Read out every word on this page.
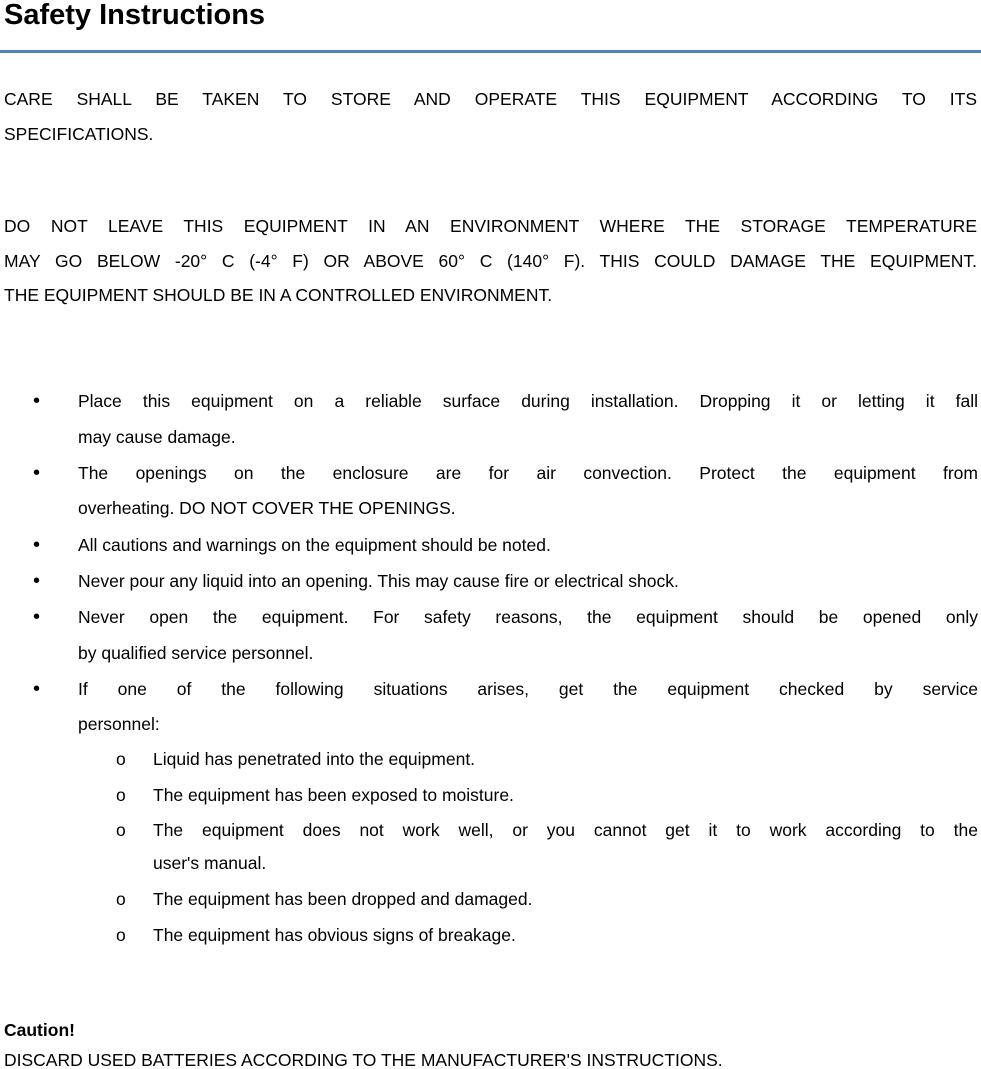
Safety Instructions
CARE SHALL BE TAKEN TO STORE AND OPERATE THIS EQUIPMENT ACCORDING TO ITS
SPECIFICATIONS.
DO NOT LEAVE THIS EQUIPMENT IN AN ENVIRONMENT WHERE THE STORAGE TEMPERATURE
MAY GO BELOW -20° C (-4° F) OR ABOVE 60° C (140° F). THIS COULD DAMAGE THE EQUIPMENT.
THE EQUIPMENT SHOULD BE IN A CONTROLLED ENVIRONMENT.
• Place this equipment on a reliable surface during installation. Dropping it or letting it fall
may cause damage.
• The openings on the enclosure are for air convection. Protect the equipment from
overheating. DO NOT COVER THE OPENINGS.
• All cautions and warnings on the equipment should be noted.
• Never pour any liquid into an opening. This may cause fire or electrical shock.
• Never open the equipment. For safety reasons, the equipment should be opened only
by qualified service personnel.
• If one of the following situations arises, get the equipment checked by service
personnel:
o Liquid has penetrated into the equipment.
o The equipment has been exposed to moisture.
o The equipment does not work well, or you cannot get it to work according to the
user's manual.
o The equipment has been dropped and damaged.
o The equipment has obvious signs of breakage.
Caution!
DISCARD USED BATTERIES ACCORDING TO THE MANUFACTURER'S INSTRUCTIONS.
